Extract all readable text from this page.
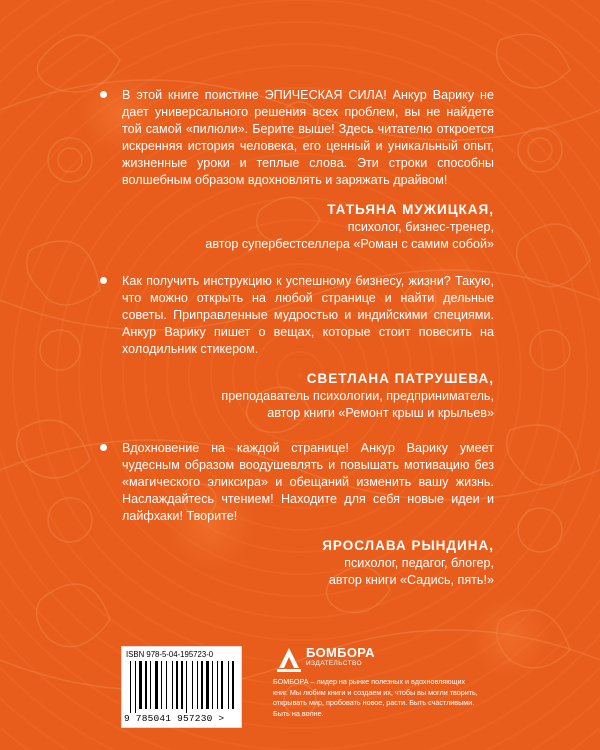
В этой книге поистине ЭПИЧЕСКАЯ СИЛА! Анкур Варику не дает универсального решения всех проблем, вы не найдете той самой «пилюли». Берите выше! Здесь читателю откроется искренняя история человека, его ценный и уникальный опыт, жизненные уроки и теплые слова. Эти строки способны волшебным образом вдохновлять и заряжать драйвом!

ТАТЬЯНА МУЖИЦКАЯ,
психолог, бизнес-тренер,
автор супербестселлера «Роман с самим собой»

Как получить инструкцию к успешному бизнесу, жизни? Такую, что можно открыть на любой странице и найти дельные советы. Приправленные мудростью и индийскими специями. Анкур Варику пишет о вещах, которые стоит повесить на холодильник стикером.

СВЕТЛАНА ПАТРУШЕВА,
преподаватель психологии, предприниматель,
автор книги «Ремонт крыш и крыльев»

Вдохновение на каждой странице! Анкур Варику умеет чудесным образом воодушевлять и повышать мотивацию без «магического эликсира» и обещаний изменить вашу жизнь. Наслаждайтесь чтением! Находите для себя новые идеи и лайфхаки! Творите!

ЯРОСЛАВА РЫНДИНА,
психолог, педагог, блогер,
автор книги «Садись, пять!»
ISBN 978-5-04-195723-0
9 785041 957230 >
БОМБОРА
ИЗДАТЕЛЬСТВО
БОМБОРА – лидер на рынке полезных и вдохновляющих книг. Мы любим книги и создаем их, чтобы вы могли творить, открывать мир, пробовать новое, расти. Быть счастливыми. Быть на волне.
